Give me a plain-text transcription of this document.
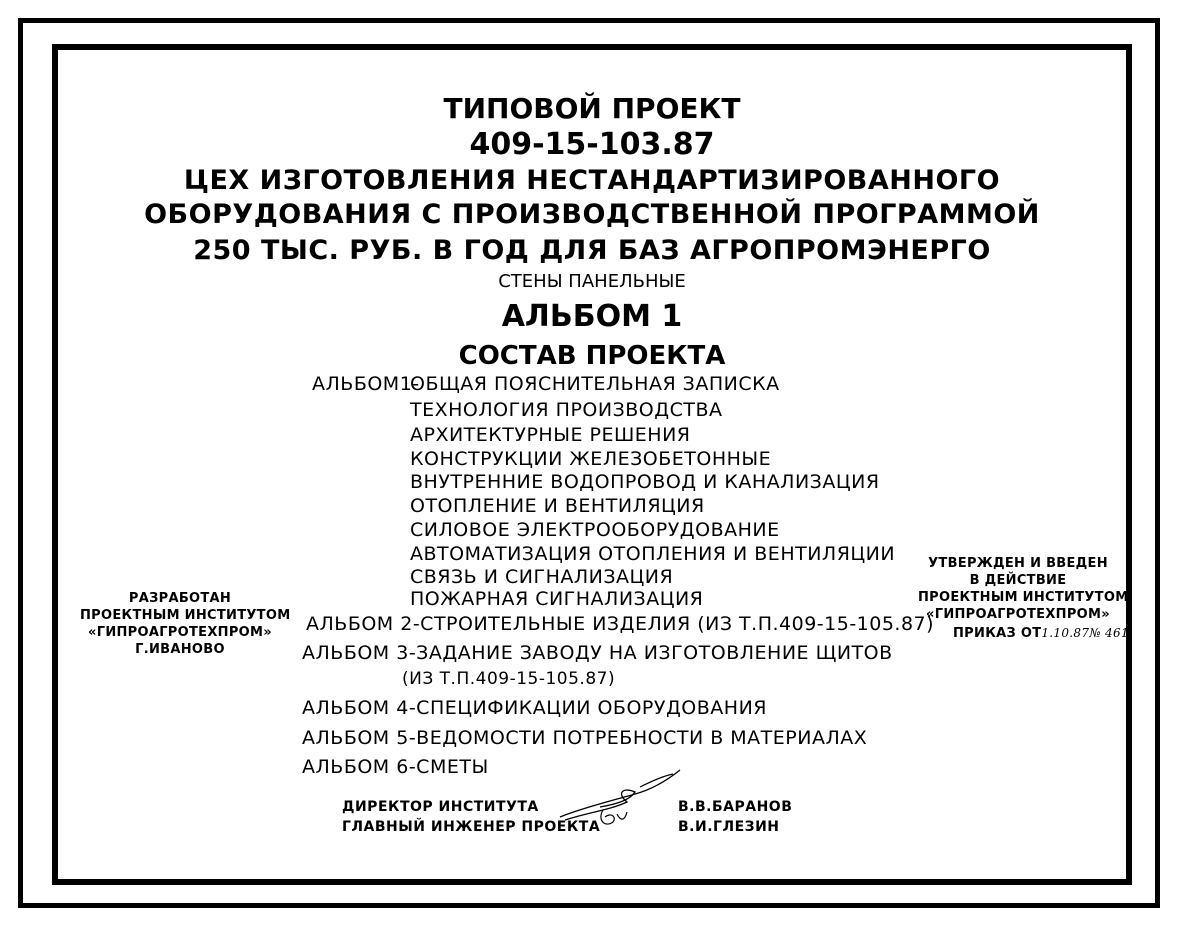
ТИПОВОЙ ПРОЕКТ
409-15-103.87
ЦЕХ ИЗГОТОВЛЕНИЯ НЕСТАНДАРТИЗИРОВАННОГО
ОБОРУДОВАНИЯ С ПРОИЗВОДСТВЕННОЙ ПРОГРАММОЙ
250 ТЫС. РУБ. В ГОД ДЛЯ БАЗ АГРОПРОМЭНЕРГО
СТЕНЫ ПАНЕЛЬНЫЕ
АЛЬБОМ 1
СОСТАВ ПРОЕКТА
АЛЬБОМ1-
ОБЩАЯ ПОЯСНИТЕЛЬНАЯ ЗАПИСКА
ТЕХНОЛОГИЯ ПРОИЗВОДСТВА
АРХИТЕКТУРНЫЕ РЕШЕНИЯ
КОНСТРУКЦИИ ЖЕЛЕЗОБЕТОННЫЕ
ВНУТРЕННИЕ ВОДОПРОВОД И КАНАЛИЗАЦИЯ
ОТОПЛЕНИЕ И ВЕНТИЛЯЦИЯ
СИЛОВОЕ ЭЛЕКТРООБОРУДОВАНИЕ
АВТОМАТИЗАЦИЯ ОТОПЛЕНИЯ И ВЕНТИЛЯЦИИ
СВЯЗЬ И СИГНАЛИЗАЦИЯ
ПОЖАРНАЯ СИГНАЛИЗАЦИЯ
АЛЬБОМ 2-СТРОИТЕЛЬНЫЕ ИЗДЕЛИЯ (ИЗ Т.П.409-15-105.87)
АЛЬБОМ 3-ЗАДАНИЕ ЗАВОДУ НА ИЗГОТОВЛЕНИЕ ЩИТОВ
(ИЗ Т.П.409-15-105.87)
АЛЬБОМ 4-СПЕЦИФИКАЦИИ ОБОРУДОВАНИЯ
АЛЬБОМ 5-ВЕДОМОСТИ ПОТРЕБНОСТИ В МАТЕРИАЛАХ
АЛЬБОМ 6-СМЕТЫ
РАЗРАБОТАН
ПРОЕКТНЫМ ИНСТИТУТОМ
«ГИПРОАГРОТЕХПРОМ»
Г.ИВАНОВО
УТВЕРЖДЕН И ВВЕДЕН
В ДЕЙСТВИЕ
ПРОЕКТНЫМ ИНСТИТУТОМ
«ГИПРОАГРОТЕХПРОМ»
ПРИКАЗ ОТ1.10.87№ 461
ДИРЕКТОР ИНСТИТУТА
ГЛАВНЫЙ ИНЖЕНЕР ПРОЕКТА
В.В.БАРАНОВ
В.И.ГЛЕЗИН
